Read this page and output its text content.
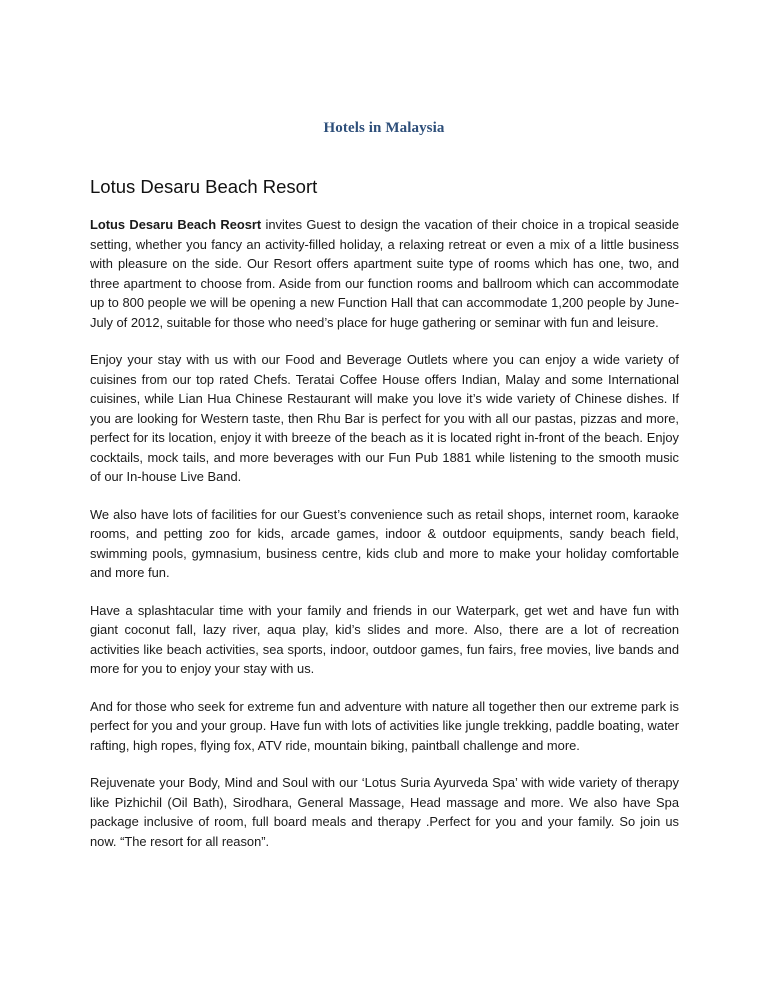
Hotels in Malaysia
Lotus Desaru Beach Resort

Lotus Desaru Beach Reosrt invites Guest to design the vacation of their choice in a tropical seaside setting, whether you fancy an activity-filled holiday, a relaxing retreat or even a mix of a little business with pleasure on the side. Our Resort offers apartment suite type of rooms which has one, two, and three apartment to choose from. Aside from our function rooms and ballroom which can accommodate up to 800 people we will be opening a new Function Hall that can accommodate 1,200 people by June-July of 2012, suitable for those who need’s place for huge gathering or seminar with fun and leisure.

Enjoy your stay with us with our Food and Beverage Outlets where you can enjoy a wide variety of cuisines from our top rated Chefs. Teratai Coffee House offers Indian, Malay and some International cuisines, while Lian Hua Chinese Restaurant will make you love it’s wide variety of Chinese dishes. If you are looking for Western taste, then Rhu Bar is perfect for you with all our pastas, pizzas and more, perfect for its location, enjoy it with breeze of the beach as it is located right in-front of the beach. Enjoy cocktails, mock tails, and more beverages with our Fun Pub 1881 while listening to the smooth music of our In-house Live Band.

We also have lots of facilities for our Guest’s convenience such as retail shops, internet room, karaoke rooms, and petting zoo for kids, arcade games, indoor & outdoor equipments, sandy beach field, swimming pools, gymnasium, business centre, kids club and more to make your holiday comfortable and more fun.

Have a splashtacular time with your family and friends in our Waterpark, get wet and have fun with giant coconut fall, lazy river, aqua play, kid’s slides and more. Also, there are a lot of recreation activities like beach activities, sea sports, indoor, outdoor games, fun fairs, free movies, live bands and more for you to enjoy your stay with us.

And for those who seek for extreme fun and adventure with nature all together then our extreme park is perfect for you and your group. Have fun with lots of activities like jungle trekking, paddle boating, water rafting, high ropes, flying fox, ATV ride, mountain biking, paintball challenge and more.

Rejuvenate your Body, Mind and Soul with our ‘Lotus Suria Ayurveda Spa’ with wide variety of therapy like Pizhichil (Oil Bath), Sirodhara, General Massage, Head massage and more. We also have Spa package inclusive of room, full board meals and therapy .Perfect for you and your family. So join us now. “The resort for all reason”.
